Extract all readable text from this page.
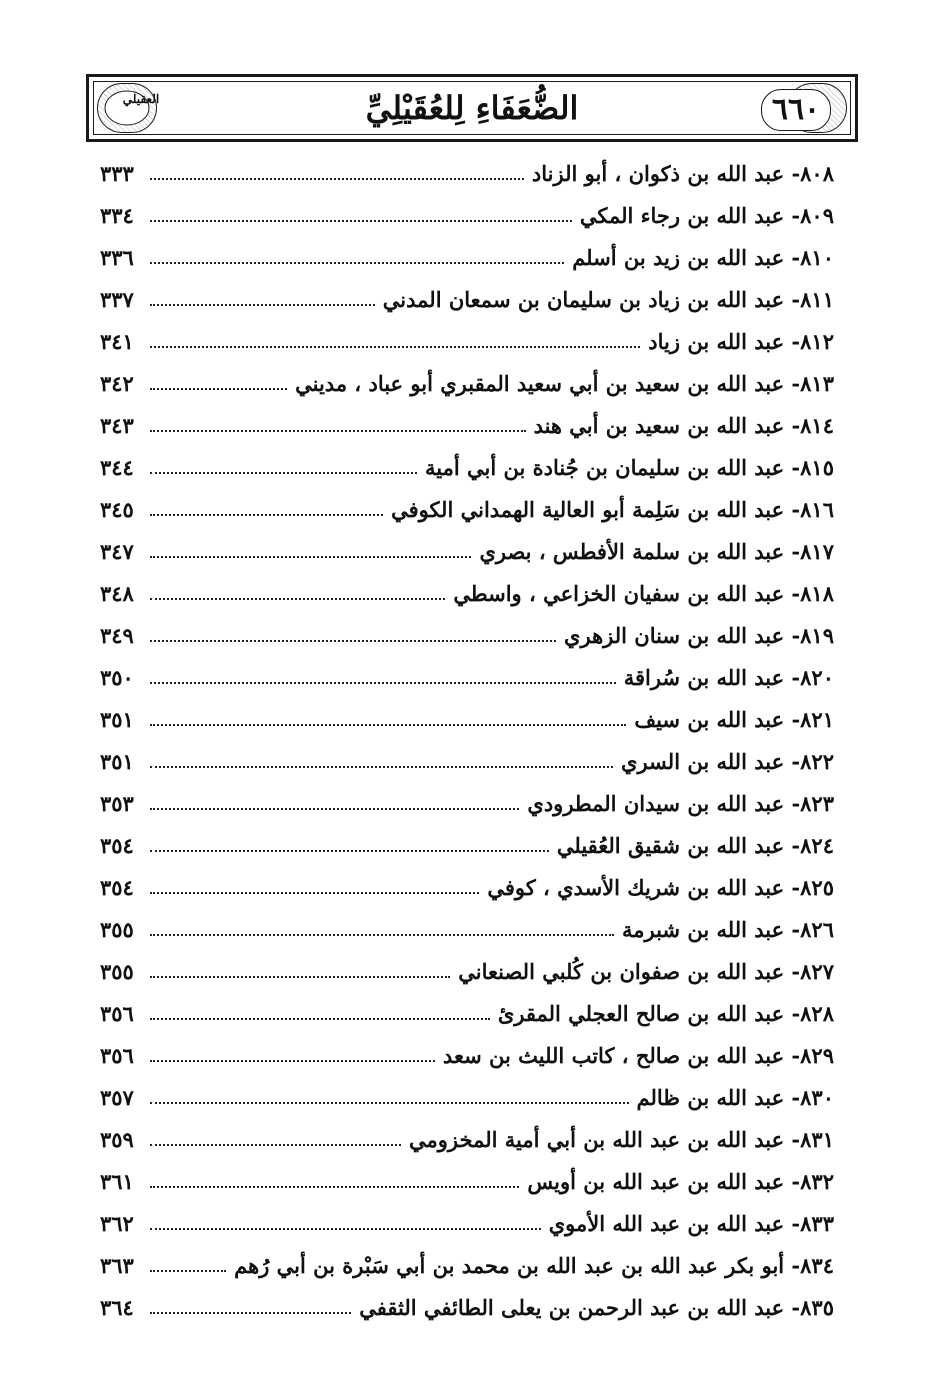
العقيلي	الضُّعَفَاءِ لِلعُقَيْلِيِّ	٦٦٠
٨٠٨- عبد الله بن ذكوان ، أبو الزناد
٣٣٣
٨٠٩- عبد الله بن رجاء المكي
٣٣٤
٨١٠- عبد الله بن زيد بن أسلم
٣٣٦
٨١١- عبد الله بن زياد بن سليمان بن سمعان المدني
٣٣٧
٨١٢- عبد الله بن زياد
٣٤١
٨١٣- عبد الله بن سعيد بن أبي سعيد المقبري أبو عباد ، مديني
٣٤٢
٨١٤- عبد الله بن سعيد بن أبي هند
٣٤٣
٨١٥- عبد الله بن سليمان بن جُنادة بن أبي أمية
٣٤٤
٨١٦- عبد الله بن سَلِمة أبو العالية الهمداني الكوفي
٣٤٥
٨١٧- عبد الله بن سلمة الأفطس ، بصري
٣٤٧
٨١٨- عبد الله بن سفيان الخزاعي ، واسطي
٣٤٨
٨١٩- عبد الله بن سنان الزهري
٣٤٩
٨٢٠- عبد الله بن سُراقة
٣٥٠
٨٢١- عبد الله بن سيف
٣٥١
٨٢٢- عبد الله بن السري
٣٥١
٨٢٣- عبد الله بن سيدان المطرودي
٣٥٣
٨٢٤- عبد الله بن شقيق العُقيلي
٣٥٤
٨٢٥- عبد الله بن شريك الأسدي ، كوفي
٣٥٤
٨٢٦- عبد الله بن شبرمة
٣٥٥
٨٢٧- عبد الله بن صفوان بن كُلبي الصنعاني
٣٥٥
٨٢٨- عبد الله بن صالح العجلي المقرئ
٣٥٦
٨٢٩- عبد الله بن صالح ، كاتب الليث بن سعد
٣٥٦
٨٣٠- عبد الله بن ظالم
٣٥٧
٨٣١- عبد الله بن عبد الله بن أبي أمية المخزومي
٣٥٩
٨٣٢- عبد الله بن عبد الله بن أويس
٣٦١
٨٣٣- عبد الله بن عبد الله الأموي
٣٦٢
٨٣٤- أبو بكر عبد الله بن عبد الله بن محمد بن أبي سَبْرة بن أبي رُهم
٣٦٣
٨٣٥- عبد الله بن عبد الرحمن بن يعلى الطائفي الثقفي
٣٦٤
